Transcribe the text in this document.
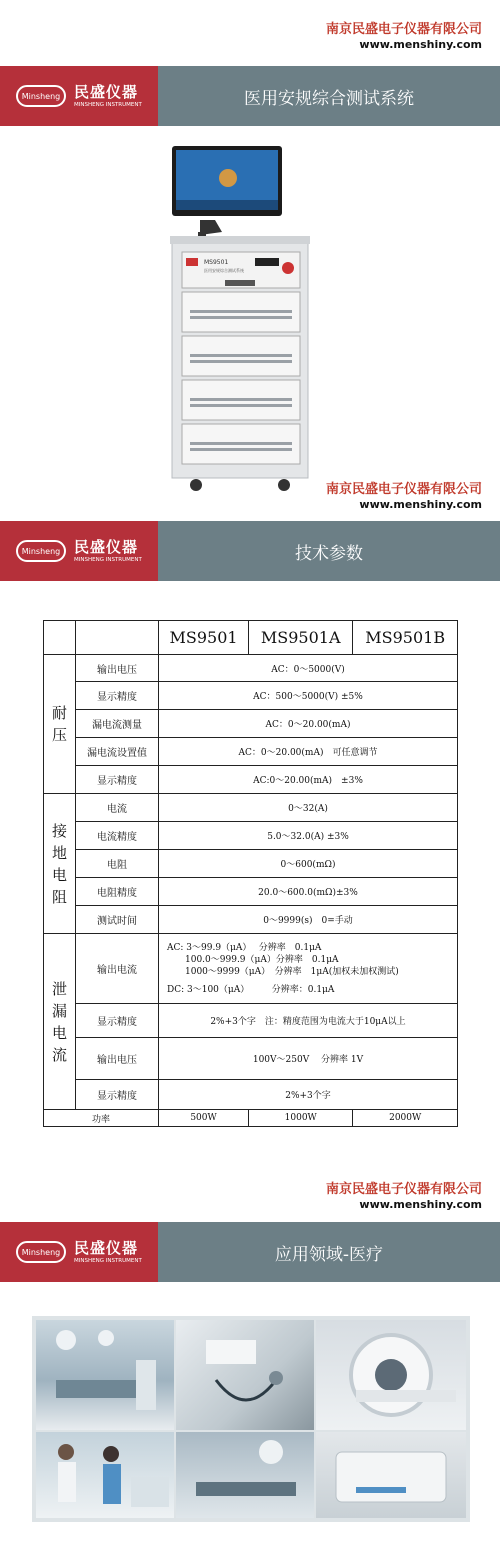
南京民盛电子仪器有限公司
www.menshiny.com
Minsheng 民盛仪器
MINSHENG INSTRUMENT	医用安规综合测试系统
MS9501
医用安规综合测试系统
南京民盛电子仪器有限公司
www.menshiny.com
Minsheng 民盛仪器
MINSHENG INSTRUMENT	技术参数
		MS9501	MS9501A	MS9501B
耐压	输出电压	AC：0～5000(V)		
	显示精度	AC：500～5000(V) ±5%		
	漏电流测量	AC：0～20.00(mA)		
	漏电流设置值	AC：0～20.00(mA)　可任意调节		
	显示精度	AC:0～20.00(mA)　±3%		
接地电阻	电流	0～32(A)		
	电流精度	5.0～32.0(A) ±3%		
	电阻	0～600(mΩ)		
	电阻精度	20.0～600.0(mΩ)±3%		
	测试时间	0～9999(s)　0=手动		
泄漏电流	输出电流	AC: 3～99.9（μA）　 分辨率　0.1μA
　　100.0～999.9（μA）分辨率　0.1μA
　　1000～9999（μA）　分辨率　1μA(加权未加权测试)
DC: 3～100（μA）　　　分辨率：0.1μA		

	显示精度	2%+3个字　注：精度范围为电流大于10μA以上		
	输出电压	100V～250V　 分辨率 1V		
	显示精度	2%+3个字		
功率		500W	1000W	2000W
南京民盛电子仪器有限公司
www.menshiny.com
Minsheng 民盛仪器
MINSHENG INSTRUMENT	应用领域-医疗
